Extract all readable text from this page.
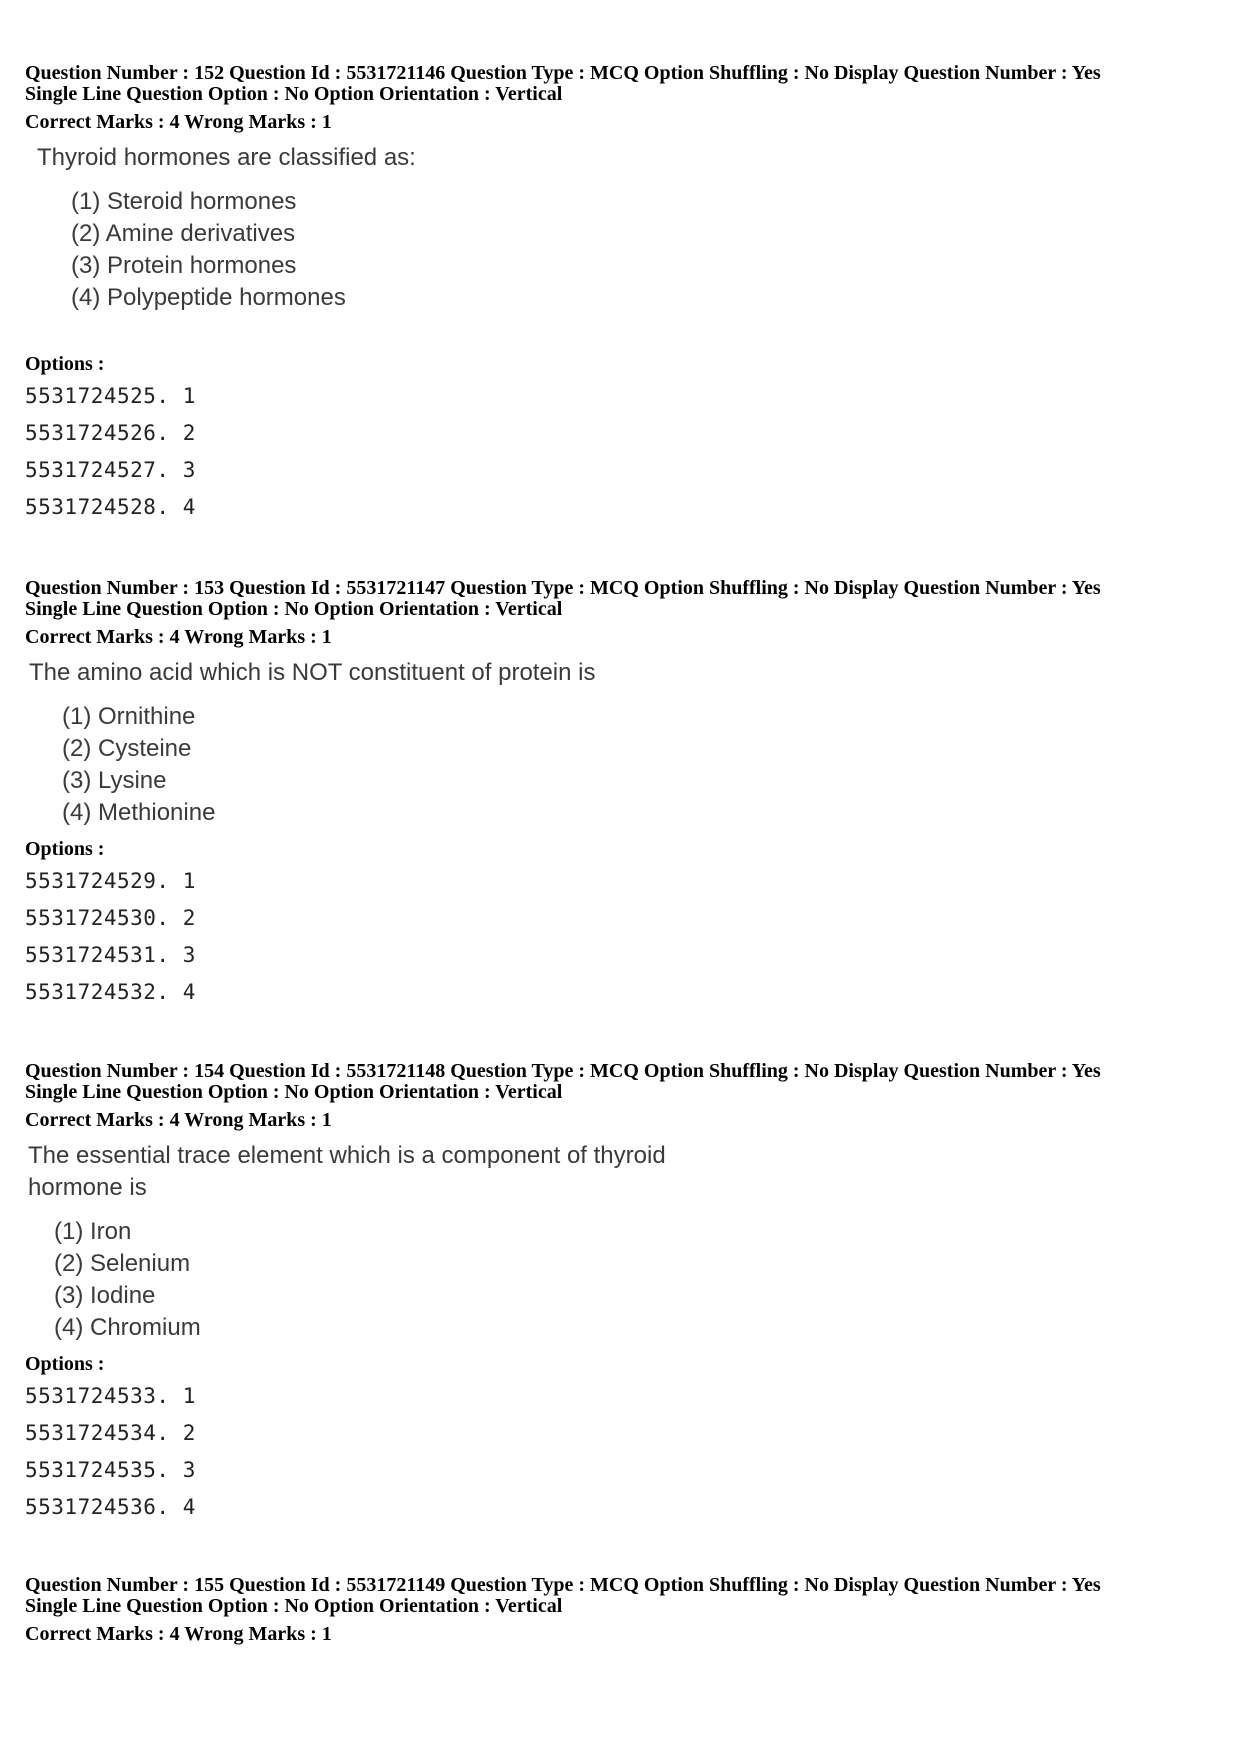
Question Number : 152 Question Id : 5531721146 Question Type : MCQ Option Shuffling : No Display Question Number : Yes
Single Line Question Option : No Option Orientation : Vertical
Correct Marks : 4 Wrong Marks : 1
Thyroid hormones are classified as:
(1) Steroid hormones
(2) Amine derivatives
(3) Protein hormones
(4) Polypeptide hormones
Options :
5531724525. 1
5531724526. 2
5531724527. 3
5531724528. 4
Question Number : 153 Question Id : 5531721147 Question Type : MCQ Option Shuffling : No Display Question Number : Yes
Single Line Question Option : No Option Orientation : Vertical
Correct Marks : 4 Wrong Marks : 1
The amino acid which is NOT constituent of protein is
(1) Ornithine
(2) Cysteine
(3) Lysine
(4) Methionine
Options :
5531724529. 1
5531724530. 2
5531724531. 3
5531724532. 4
Question Number : 154 Question Id : 5531721148 Question Type : MCQ Option Shuffling : No Display Question Number : Yes
Single Line Question Option : No Option Orientation : Vertical
Correct Marks : 4 Wrong Marks : 1
The essential trace element which is a component of thyroid
hormone is
(1) Iron
(2) Selenium
(3) Iodine
(4) Chromium
Options :
5531724533. 1
5531724534. 2
5531724535. 3
5531724536. 4
Question Number : 155 Question Id : 5531721149 Question Type : MCQ Option Shuffling : No Display Question Number : Yes
Single Line Question Option : No Option Orientation : Vertical
Correct Marks : 4 Wrong Marks : 1
